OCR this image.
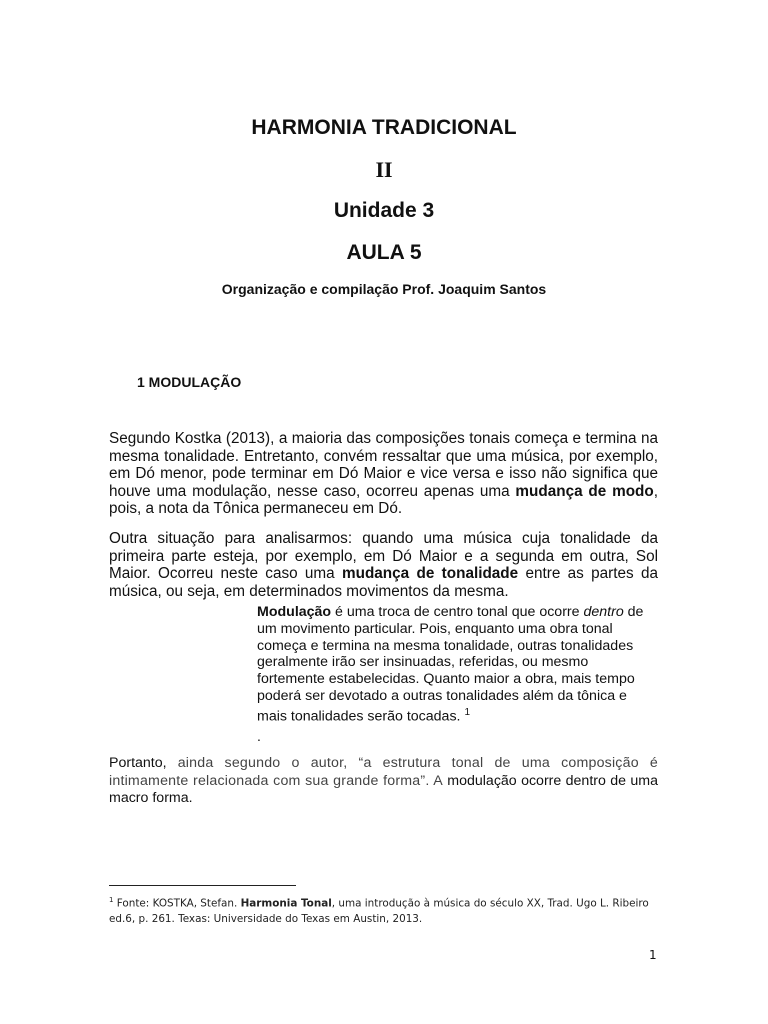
HARMONIA TRADICIONAL
II
Unidade 3
AULA 5
Organização e compilação Prof. Joaquim Santos
1 MODULAÇÃO

Segundo Kostka (2013), a maioria das composições tonais começa e termina na mesma tonalidade. Entretanto, convém ressaltar que uma música, por exemplo, em Dó menor, pode terminar em Dó Maior e vice versa e isso não significa que houve uma modulação, nesse caso, ocorreu apenas uma mudança de modo, pois, a nota da Tônica permaneceu em Dó.

Outra situação para analisarmos: quando uma música cuja tonalidade da primeira parte esteja, por exemplo, em Dó Maior e a segunda em outra, Sol Maior. Ocorreu neste caso uma mudança de tonalidade entre as partes da música, ou seja, em determinados movimentos da mesma.

Modulação é uma troca de centro tonal que ocorre dentro de um movimento particular. Pois, enquanto uma obra tonal começa e termina na mesma tonalidade, outras tonalidades geralmente irão ser insinuadas, referidas, ou mesmo fortemente estabelecidas. Quanto maior a obra, mais tempo poderá ser devotado a outras tonalidades além da tônica e mais tonalidades serão tocadas. $^1$

.

Portanto, ainda segundo o autor, “a estrutura tonal de uma composição é intimamente relacionada com sua grande forma”. A modulação ocorre dentro de uma macro forma.

$^1$ Fonte: KOSTKA, Stefan. Harmonia Tonal, uma introdução à música do século XX, Trad. Ugo L. Ribeiro ed.6, p. 261. Texas: Universidade do Texas em Austin, 2013.

1
